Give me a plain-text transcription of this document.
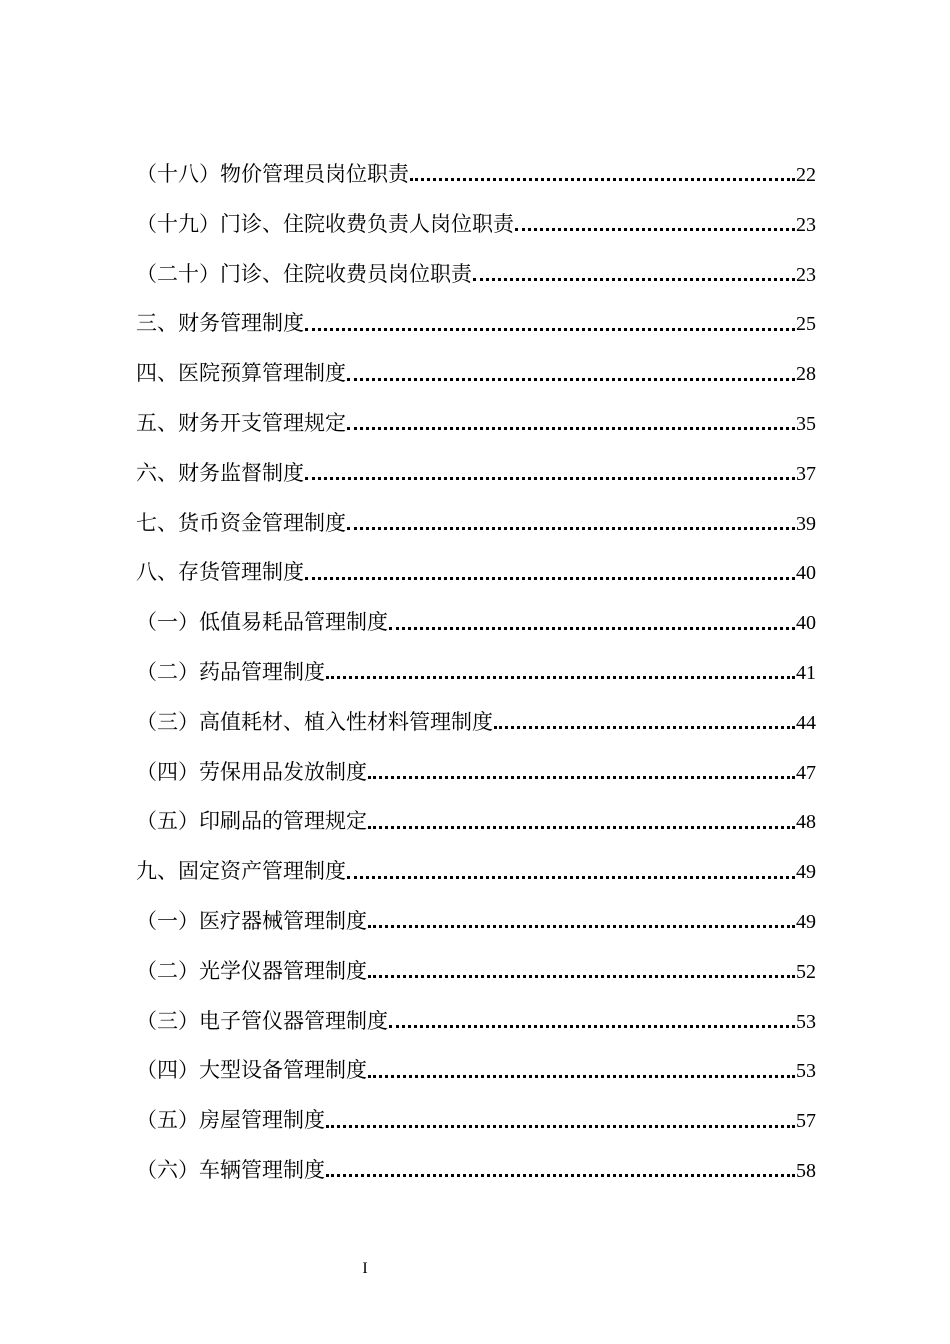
（十八）物价管理员岗位职责	22
（十九）门诊、住院收费负责人岗位职责	23
（二十）门诊、住院收费员岗位职责	23
三、财务管理制度	25
四、医院预算管理制度	28
五、财务开支管理规定	35
六、财务监督制度	37
七、货币资金管理制度	39
八、存货管理制度	40
（一）低值易耗品管理制度	40
（二）药品管理制度	41
（三）高值耗材、植入性材料管理制度	44
（四）劳保用品发放制度	47
（五）印刷品的管理规定	48
九、固定资产管理制度	49
（一）医疗器械管理制度	49
（二）光学仪器管理制度	52
（三）电子管仪器管理制度	53
（四）大型设备管理制度	53
（五）房屋管理制度	57
（六）车辆管理制度	58
I
